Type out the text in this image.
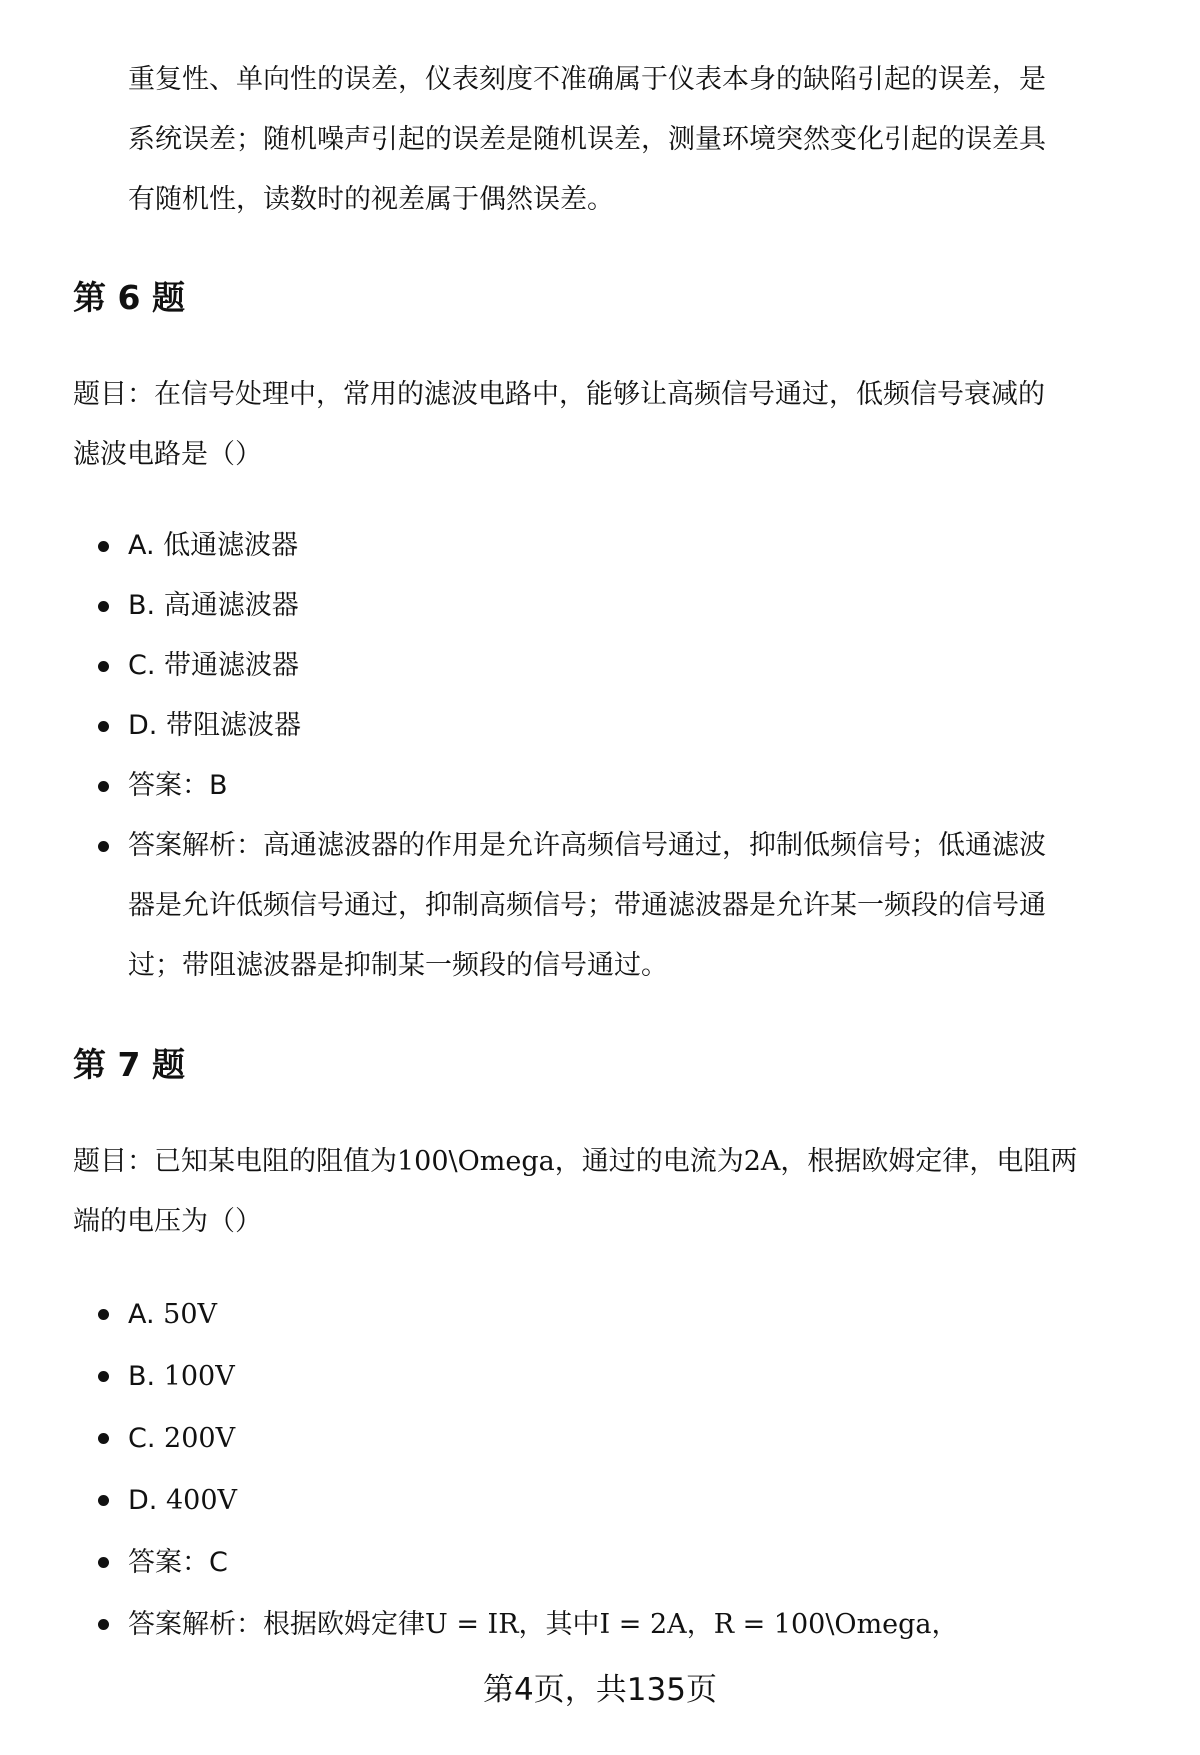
重复性、单向性的误差，仪表刻度不准确属于仪表本身的缺陷引起的误差，是
系统误差；随机噪声引起的误差是随机误差，测量环境突然变化引起的误差具
有随机性，读数时的视差属于偶然误差。
第 6 题
题目：在信号处理中，常用的滤波电路中，能够让高频信号通过，低频信号衰减的
滤波电路是（）
A. 低通滤波器
B. 高通滤波器
C. 带通滤波器
D. 带阻滤波器
答案：B
答案解析：高通滤波器的作用是允许高频信号通过，抑制低频信号；低通滤波
器是允许低频信号通过，抑制高频信号；带通滤波器是允许某一频段的信号通
过；带阻滤波器是抑制某一频段的信号通过。
第 7 题
题目：已知某电阻的阻值为100\Omega，通过的电流为2A，根据欧姆定律，电阻两
端的电压为（）
A. 50V
B. 100V
C. 200V
D. 400V
答案：C
答案解析：根据欧姆定律U = IR，其中I = 2A，R = 100\Omega，
第4页，共135页
